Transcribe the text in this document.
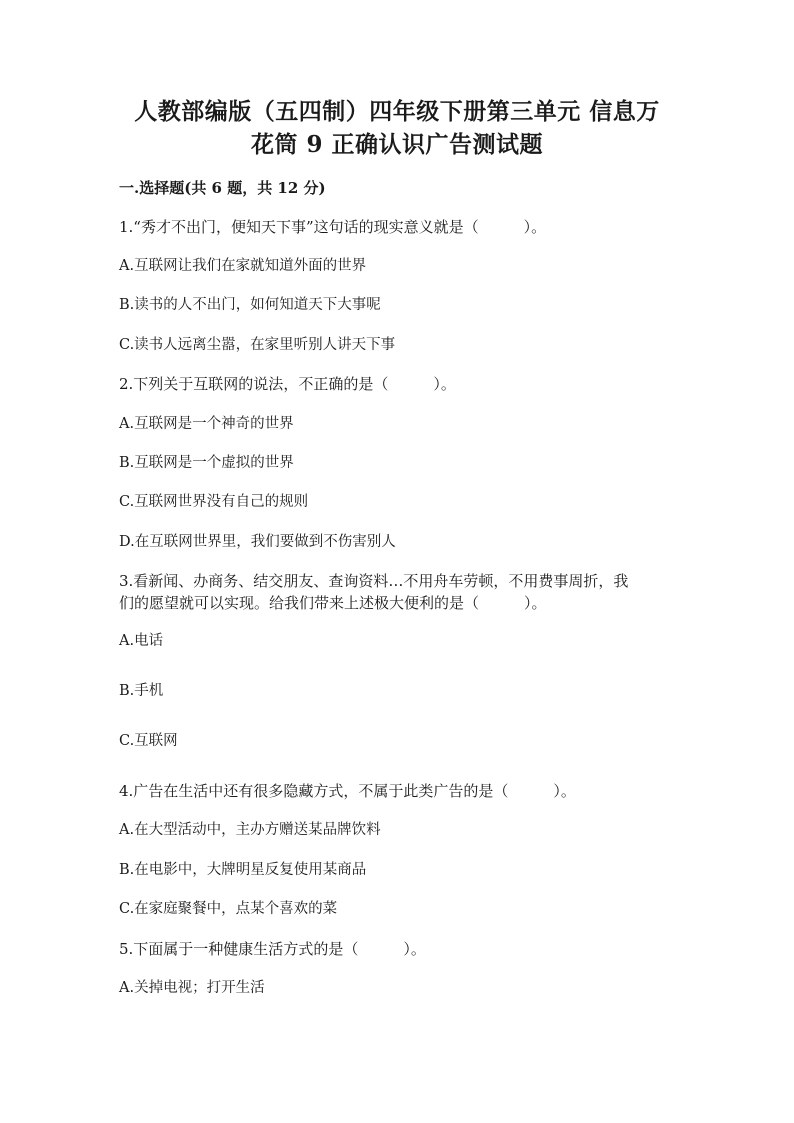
人教部编版（五四制）四年级下册第三单元 信息万
花筒 9 正确认识广告测试题

一.选择题(共 6 题，共 12 分)

1.“秀才不出门，便知天下事”这句话的现实意义就是（　　　）。

A.互联网让我们在家就知道外面的世界

B.读书的人不出门，如何知道天下大事呢

C.读书人远离尘嚣，在家里听别人讲天下事

2.下列关于互联网的说法，不正确的是（　　　）。

A.互联网是一个神奇的世界

B.互联网是一个虚拟的世界

C.互联网世界没有自己的规则

D.在互联网世界里，我们要做到不伤害别人

3.看新闻、办商务、结交朋友、查询资料…不用舟车劳顿，不用费事周折，我

们的愿望就可以实现。给我们带来上述极大便利的是（　　　）。

A.电话

B.手机

C.互联网

4.广告在生活中还有很多隐藏方式，不属于此类广告的是（　　　）。

A.在大型活动中，主办方赠送某品牌饮料

B.在电影中，大牌明星反复使用某商品

C.在家庭聚餐中，点某个喜欢的菜

5.下面属于一种健康生活方式的是（　　　）。

A.关掉电视；打开生活
